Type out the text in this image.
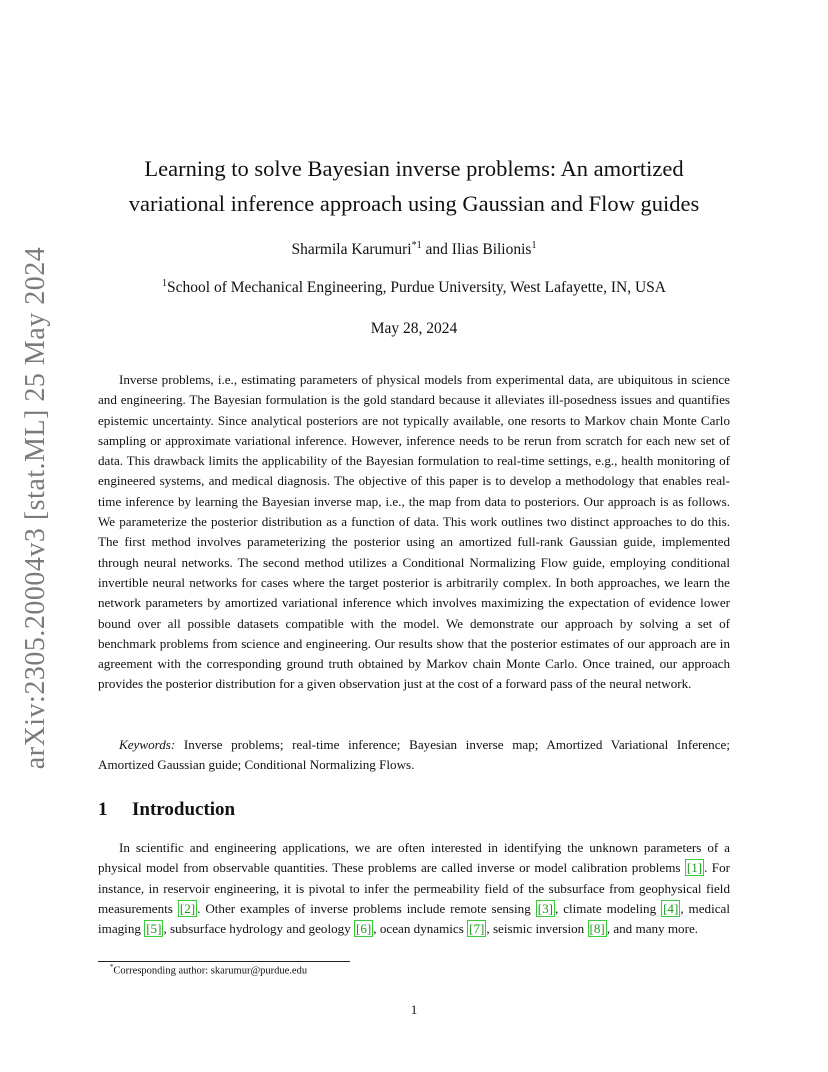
arXiv:2305.20004v3 [stat.ML] 25 May 2024
Learning to solve Bayesian inverse problems: An amortized
variational inference approach using Gaussian and Flow guides
Sharmila Karumuri$^{*1}$ and Ilias Bilionis$^1$
$^1$School of Mechanical Engineering, Purdue University, West Lafayette, IN, USA
May 28, 2024

Inverse problems, i.e., estimating parameters of physical models from experimental data, are ubiquitous in science and engineering. The Bayesian formulation is the gold standard because it alleviates ill-posedness issues and quantifies epistemic uncertainty. Since analytical posteriors are not typically available, one resorts to Markov chain Monte Carlo sampling or approximate variational inference. However, inference needs to be rerun from scratch for each new set of data. This drawback limits the applicability of the Bayesian formulation to real-time settings, e.g., health monitoring of engineered systems, and medical diagnosis. The objective of this paper is to develop a methodology that enables real-time inference by learning the Bayesian inverse map, i.e., the map from data to posteriors. Our approach is as follows. We parameterize the posterior distribution as a function of data. This work outlines two distinct approaches to do this. The first method involves parameterizing the posterior using an amortized full-rank Gaussian guide, implemented through neural networks. The second method utilizes a Conditional Normalizing Flow guide, employing conditional invertible neural networks for cases where the target posterior is arbitrarily complex. In both approaches, we learn the network parameters by amortized variational inference which involves maximizing the expectation of evidence lower bound over all possible datasets compatible with the model. We demonstrate our approach by solving a set of benchmark problems from science and engineering. Our results show that the posterior estimates of our approach are in agreement with the corresponding ground truth obtained by Markov chain Monte Carlo. Once trained, our approach provides the posterior distribution for a given observation just at the cost of a forward pass of the neural network.

Keywords: Inverse problems; real-time inference; Bayesian inverse map; Amortized Variational Inference; Amortized Gaussian guide; Conditional Normalizing Flows.

1 Introduction

In scientific and engineering applications, we are often interested in identifying the unknown parameters of a physical model from observable quantities. These problems are called inverse or model calibration problems [1] . For instance, in reservoir engineering, it is pivotal to infer the permeability field of the subsurface from geophysical field measurements [2] . Other examples of inverse problems include remote sensing [3] , climate modeling [4] , medical imaging [5] , subsurface hydrology and geology [6] , ocean dynamics [7] , seismic inversion [8] , and many more.

*Corresponding author: skarumur@purdue.edu
1
